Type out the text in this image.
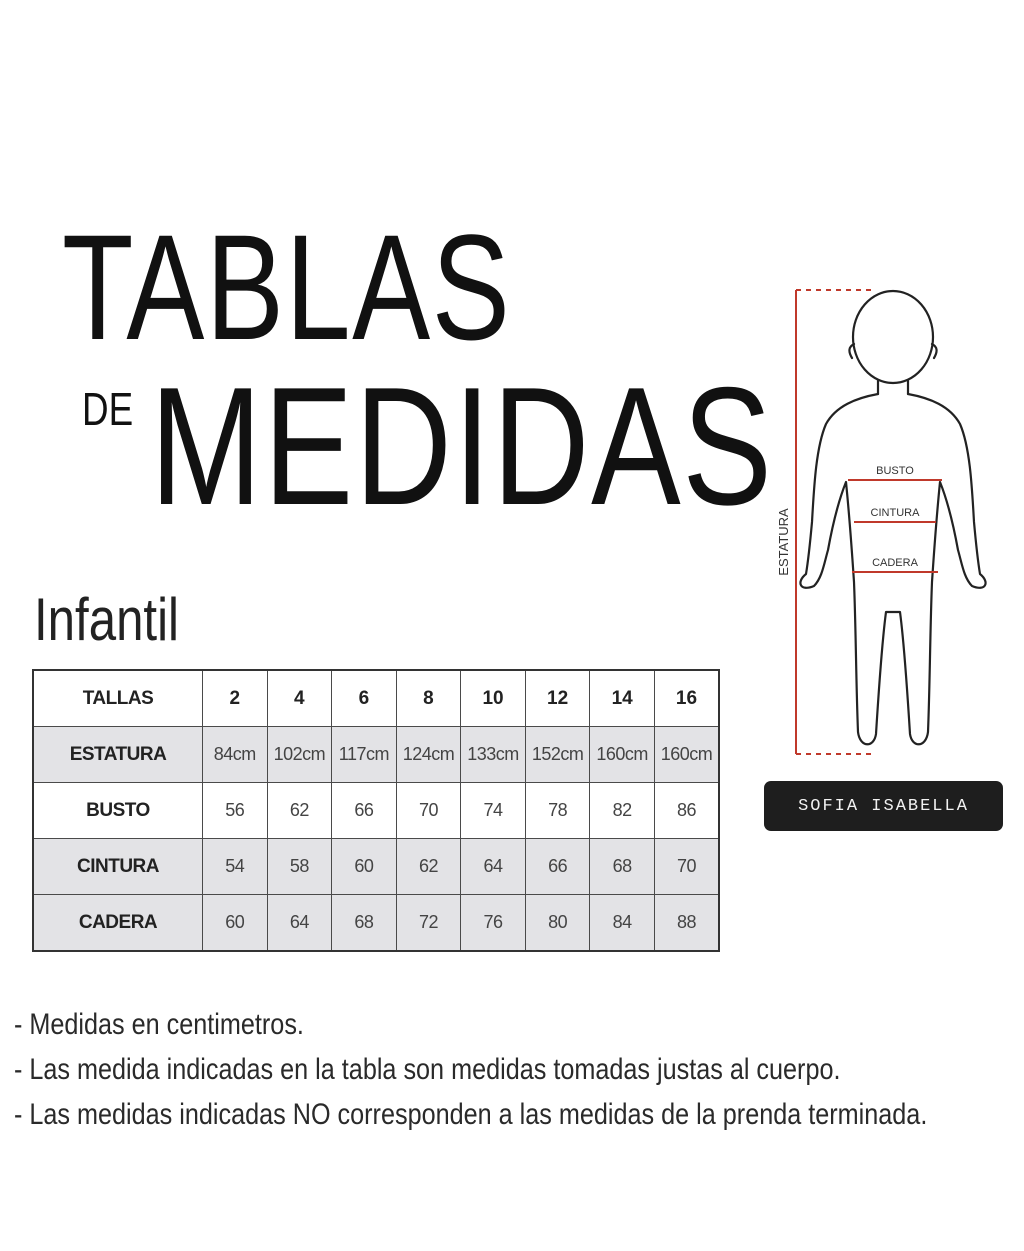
TABLAS
DE MEDIDAS
Infantil
TALLAS	2	4	6	8	10	12	14	16
ESTATURA	84cm	102cm	117cm	124cm	133cm	152cm	160cm	160cm
BUSTO	56	62	66	70	74	78	82	86
CINTURA	54	58	60	62	64	66	68	70
CADERA	60	64	68	72	76	80	84	88
BUSTO
CINTURA
CADERA
ESTATURA
SOFIA ISABELLA
- Medidas en centimetros.
- Las medida indicadas en la tabla son medidas tomadas justas al cuerpo.
- Las medidas indicadas NO corresponden a las medidas de la prenda terminada.
